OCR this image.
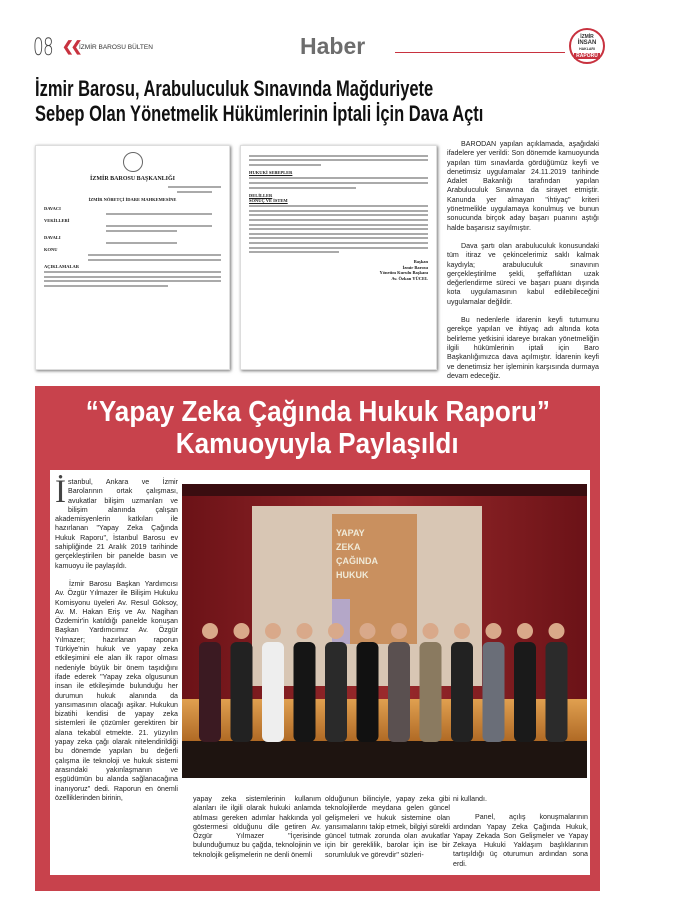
08 ❮❮ İZMİR BAROSU BÜLTEN	Haber	İZMİR
İNSAN
HAKLARI
RAPORU
İzmir Barosu, Arabuluculuk Sınavında Mağduriyete
Sebep Olan Yönetmelik Hükümlerinin İptali İçin Dava Açtı
İZMİR BAROSU BAŞKANLIĞI
İZMİR NÖBETÇİ İDARE MAHKEMESİNE
DAVACI
VEKİLLERİ
DAVALI
KONU
AÇIKLAMALAR
HUKUKİ SEBEPLER
DELİLLER
SONUÇ VE İSTEM
Başkan
İzmir Barosu
Yönetim Kurulu Başkanı
Av. Özkan YÜCEL

BARODAN yapılan açıklamada, aşağıdaki ifadelere yer verildi: Son dönemde kamuoyunda yapılan tüm sınavlarda gördüğümüz keyfi ve denetimsiz uygulamalar 24.11.2019 tarihinde Adalet Bakanlığı tarafından yapılan Arabuluculuk Sınavına da sirayet etmiştir. Kanunda yer almayan "ihtiyaç" kriteri yönetmelikle uygulamaya konulmuş ve bunun sonucunda birçok aday başarı puanını aştığı halde başarısız sayılmıştır.

Dava şartı olan arabuluculuk konusundaki tüm itiraz ve çekincelerimiz saklı kalmak kaydıyla; arabuluculuk sınavının gerçekleştirilme şekli, şeffaflıktan uzak değerlendirme süreci ve başarı puanı dışında kota uygulamasının kabul edilebileceğini uygulamalar değildir.

Bu nedenlerle idarenin keyfi tutumunu gerekçe yapılan ve ihtiyaç adı altında kota belirleme yetkisini idareye bırakan yönetmeliğin ilgili hükümlerinin iptali için Baro Başkanlığımızca dava açılmıştır. İdarenin keyfi ve denetimsiz her işleminin karşısında durmaya devam edeceğiz.

“Yapay Zeka Çağında Hukuk Raporu”
Kamuoyuyla Paylaşıldı

İstanbul, Ankara ve İzmir Barolarının ortak çalışması, avukatlar bilişim uzmanları ve bilişim alanında çalışan akademisyenlerin katkıları ile hazırlanan "Yapay Zeka Çağında Hukuk Raporu", İstanbul Barosu ev sahipliğinde 21 Aralık 2019 tarihinde gerçekleştirilen bir panelde basın ve kamuoyu ile paylaşıldı.

İzmir Barosu Başkan Yardımcısı Av. Özgür Yılmazer ile Bilişim Hukuku Komisyonu üyeleri Av. Resul Göksoy, Av. M. Hakan Eriş ve Av. Nagihan Özdemir'in katıldığı panelde konuşan Başkan Yardımcımız Av. Özgür Yılmazer; hazırlanan raporun Türkiye'nin hukuk ve yapay zeka etkileşimini ele alan ilk rapor olması nedeniyle büyük bir önem taşıdığını ifade ederek "Yapay zeka olgusunun insan ile etkileşimde bulunduğu her durumun hukuk alanında da yansımasının olacağı aşikar. Hukukun bizatihi kendisi de yapay zeka sistemleri ile çözümler gerektiren bir alana tekabül etmekte. 21. yüzyılın yapay zeka çağı olarak nitelendirildiği bu dönemde yapılan bu değerli çalışma ile teknoloji ve hukuk sistemi arasındaki yakınlaşmanın ve eşgüdümün bu alanda sağlanacağına inanıyoruz" dedi. Raporun en önemli özelliklerinden birinin,

YAPAY
ZEKA
ÇAĞINDA
HUKUK

yapay zeka sistemlerinin kullanım alanları ile ilgili olarak hukuki anlamda atılması gereken adımlar hakkında yol göstermesi olduğunu dile getiren Av. Özgür Yılmazer "İçerisinde bulunduğumuz bu çağda, teknolojinin ve teknolojik gelişmelerin ne denli önemli

olduğunun bilinciyle, yapay zeka gibi teknolojilerde meydana gelen güncel gelişmeleri ve hukuk sistemine olan yansımalarını takip etmek, bilgiyi sürekli güncel tutmak zorunda olan avukatlar için bir gereklilik, barolar için ise bir sorumluluk ve görevdir" sözleri-

ni kullandı.

Panel, açılış konuşmalarının ardından Yapay Zeka Çağında Hukuk, Yapay Zekada Son Gelişmeler ve Yapay Zekaya Hukuki Yaklaşım başlıklarının tartışıldığı üç oturumun ardından sona erdi.
